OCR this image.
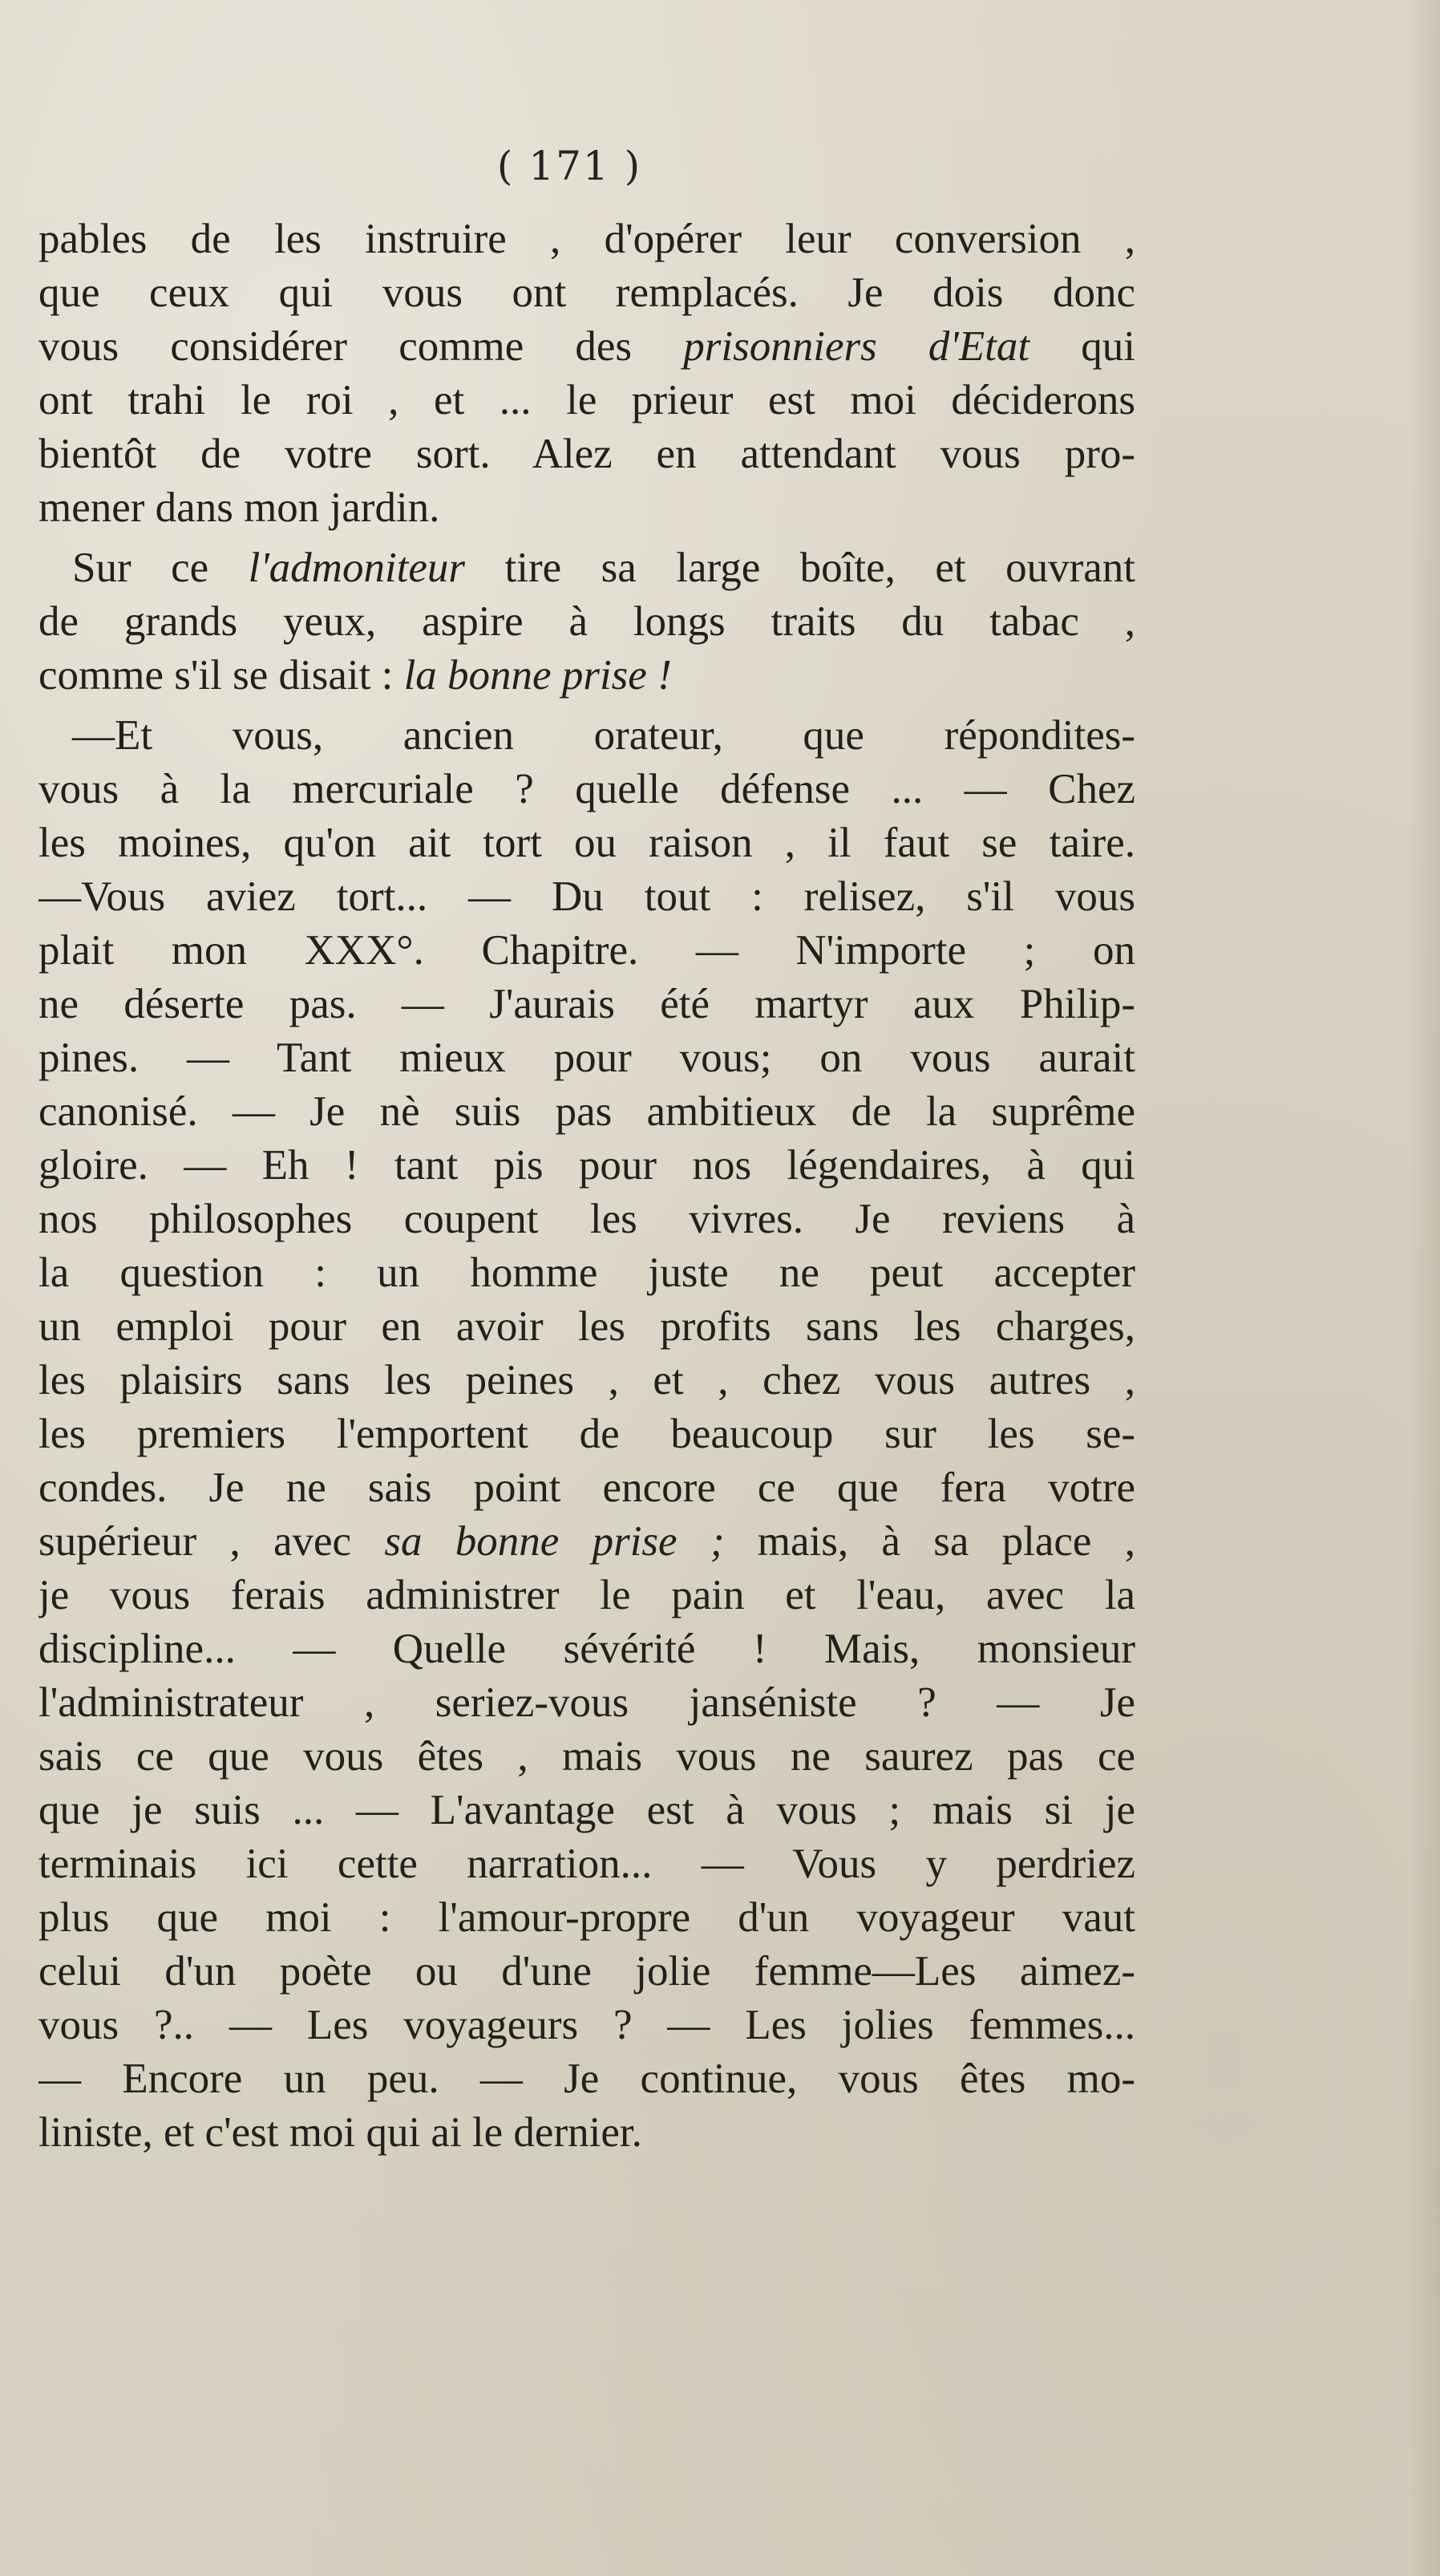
( 171 )
pables de les instruire , d'opérer leur conversion ,
que ceux qui vous ont remplacés. Je dois donc
vous considérer comme des prisonniers d'Etat qui
ont trahi le roi , et ... le prieur est moi déciderons
bientôt de votre sort. Alez en attendant vous pro-
mener dans mon jardin.
Sur ce l'admoniteur tire sa large boîte, et ouvrant
de grands yeux, aspire à longs traits du tabac ,
comme s'il se disait : la bonne prise !
—Et vous, ancien orateur, que répondites-
vous à la mercuriale ? quelle défense ... — Chez
les moines, qu'on ait tort ou raison , il faut se taire.
—Vous aviez tort... — Du tout : relisez, s'il vous
plait mon XXX°. Chapitre. — N'importe ; on
ne déserte pas. — J'aurais été martyr aux Philip-
pines. — Tant mieux pour vous; on vous aurait
canonisé. — Je nè suis pas ambitieux de la suprême
gloire. — Eh ! tant pis pour nos légendaires, à qui
nos philosophes coupent les vivres. Je reviens à
la question : un homme juste ne peut accepter
un emploi pour en avoir les profits sans les charges,
les plaisirs sans les peines , et , chez vous autres ,
les premiers l'emportent de beaucoup sur les se-
condes. Je ne sais point encore ce que fera votre
supérieur , avec sa bonne prise ; mais, à sa place ,
je vous ferais administrer le pain et l'eau, avec la
discipline... — Quelle sévérité ! Mais, monsieur
l'administrateur , seriez-vous janséniste ? — Je
sais ce que vous êtes , mais vous ne saurez pas ce
que je suis ... — L'avantage est à vous ; mais si je
terminais ici cette narration... — Vous y perdriez
plus que moi : l'amour-propre d'un voyageur vaut
celui d'un poète ou d'une jolie femme—Les aimez-
vous ?.. — Les voyageurs ? — Les jolies femmes...
— Encore un peu. — Je continue, vous êtes mo-
liniste, et c'est moi qui ai le dernier.
